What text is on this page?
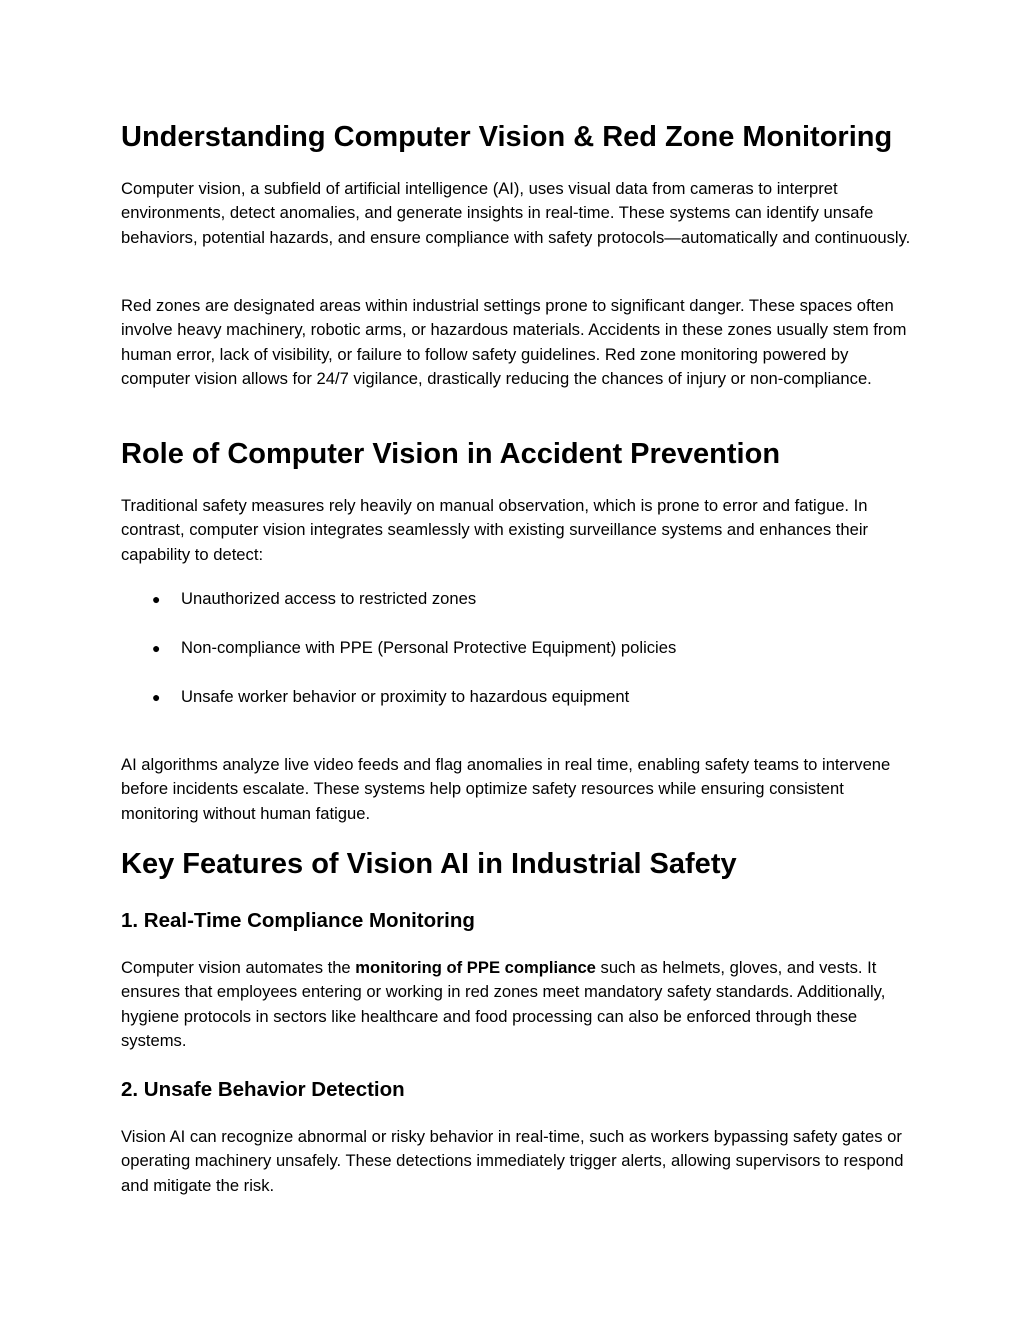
Understanding Computer Vision & Red Zone Monitoring

Computer vision, a subfield of artificial intelligence (AI), uses visual data from cameras to interpret environments, detect anomalies, and generate insights in real-time. These systems can identify unsafe behaviors, potential hazards, and ensure compliance with safety protocols—automatically and continuously.

Red zones are designated areas within industrial settings prone to significant danger. These spaces often involve heavy machinery, robotic arms, or hazardous materials. Accidents in these zones usually stem from human error, lack of visibility, or failure to follow safety guidelines. Red zone monitoring powered by computer vision allows for 24/7 vigilance, drastically reducing the chances of injury or non-compliance.

Role of Computer Vision in Accident Prevention

Traditional safety measures rely heavily on manual observation, which is prone to error and fatigue. In contrast, computer vision integrates seamlessly with existing surveillance systems and enhances their capability to detect:

● Unauthorized access to restricted zones
● Non-compliance with PPE (Personal Protective Equipment) policies
● Unsafe worker behavior or proximity to hazardous equipment

AI algorithms analyze live video feeds and flag anomalies in real time, enabling safety teams to intervene before incidents escalate. These systems help optimize safety resources while ensuring consistent monitoring without human fatigue.

Key Features of Vision AI in Industrial Safety
1. Real-Time Compliance Monitoring

Computer vision automates the monitoring of PPE compliance such as helmets, gloves, and vests. It ensures that employees entering or working in red zones meet mandatory safety standards. Additionally, hygiene protocols in sectors like healthcare and food processing can also be enforced through these systems.

2. Unsafe Behavior Detection

Vision AI can recognize abnormal or risky behavior in real-time, such as workers bypassing safety gates or operating machinery unsafely. These detections immediately trigger alerts, allowing supervisors to respond and mitigate the risk.
